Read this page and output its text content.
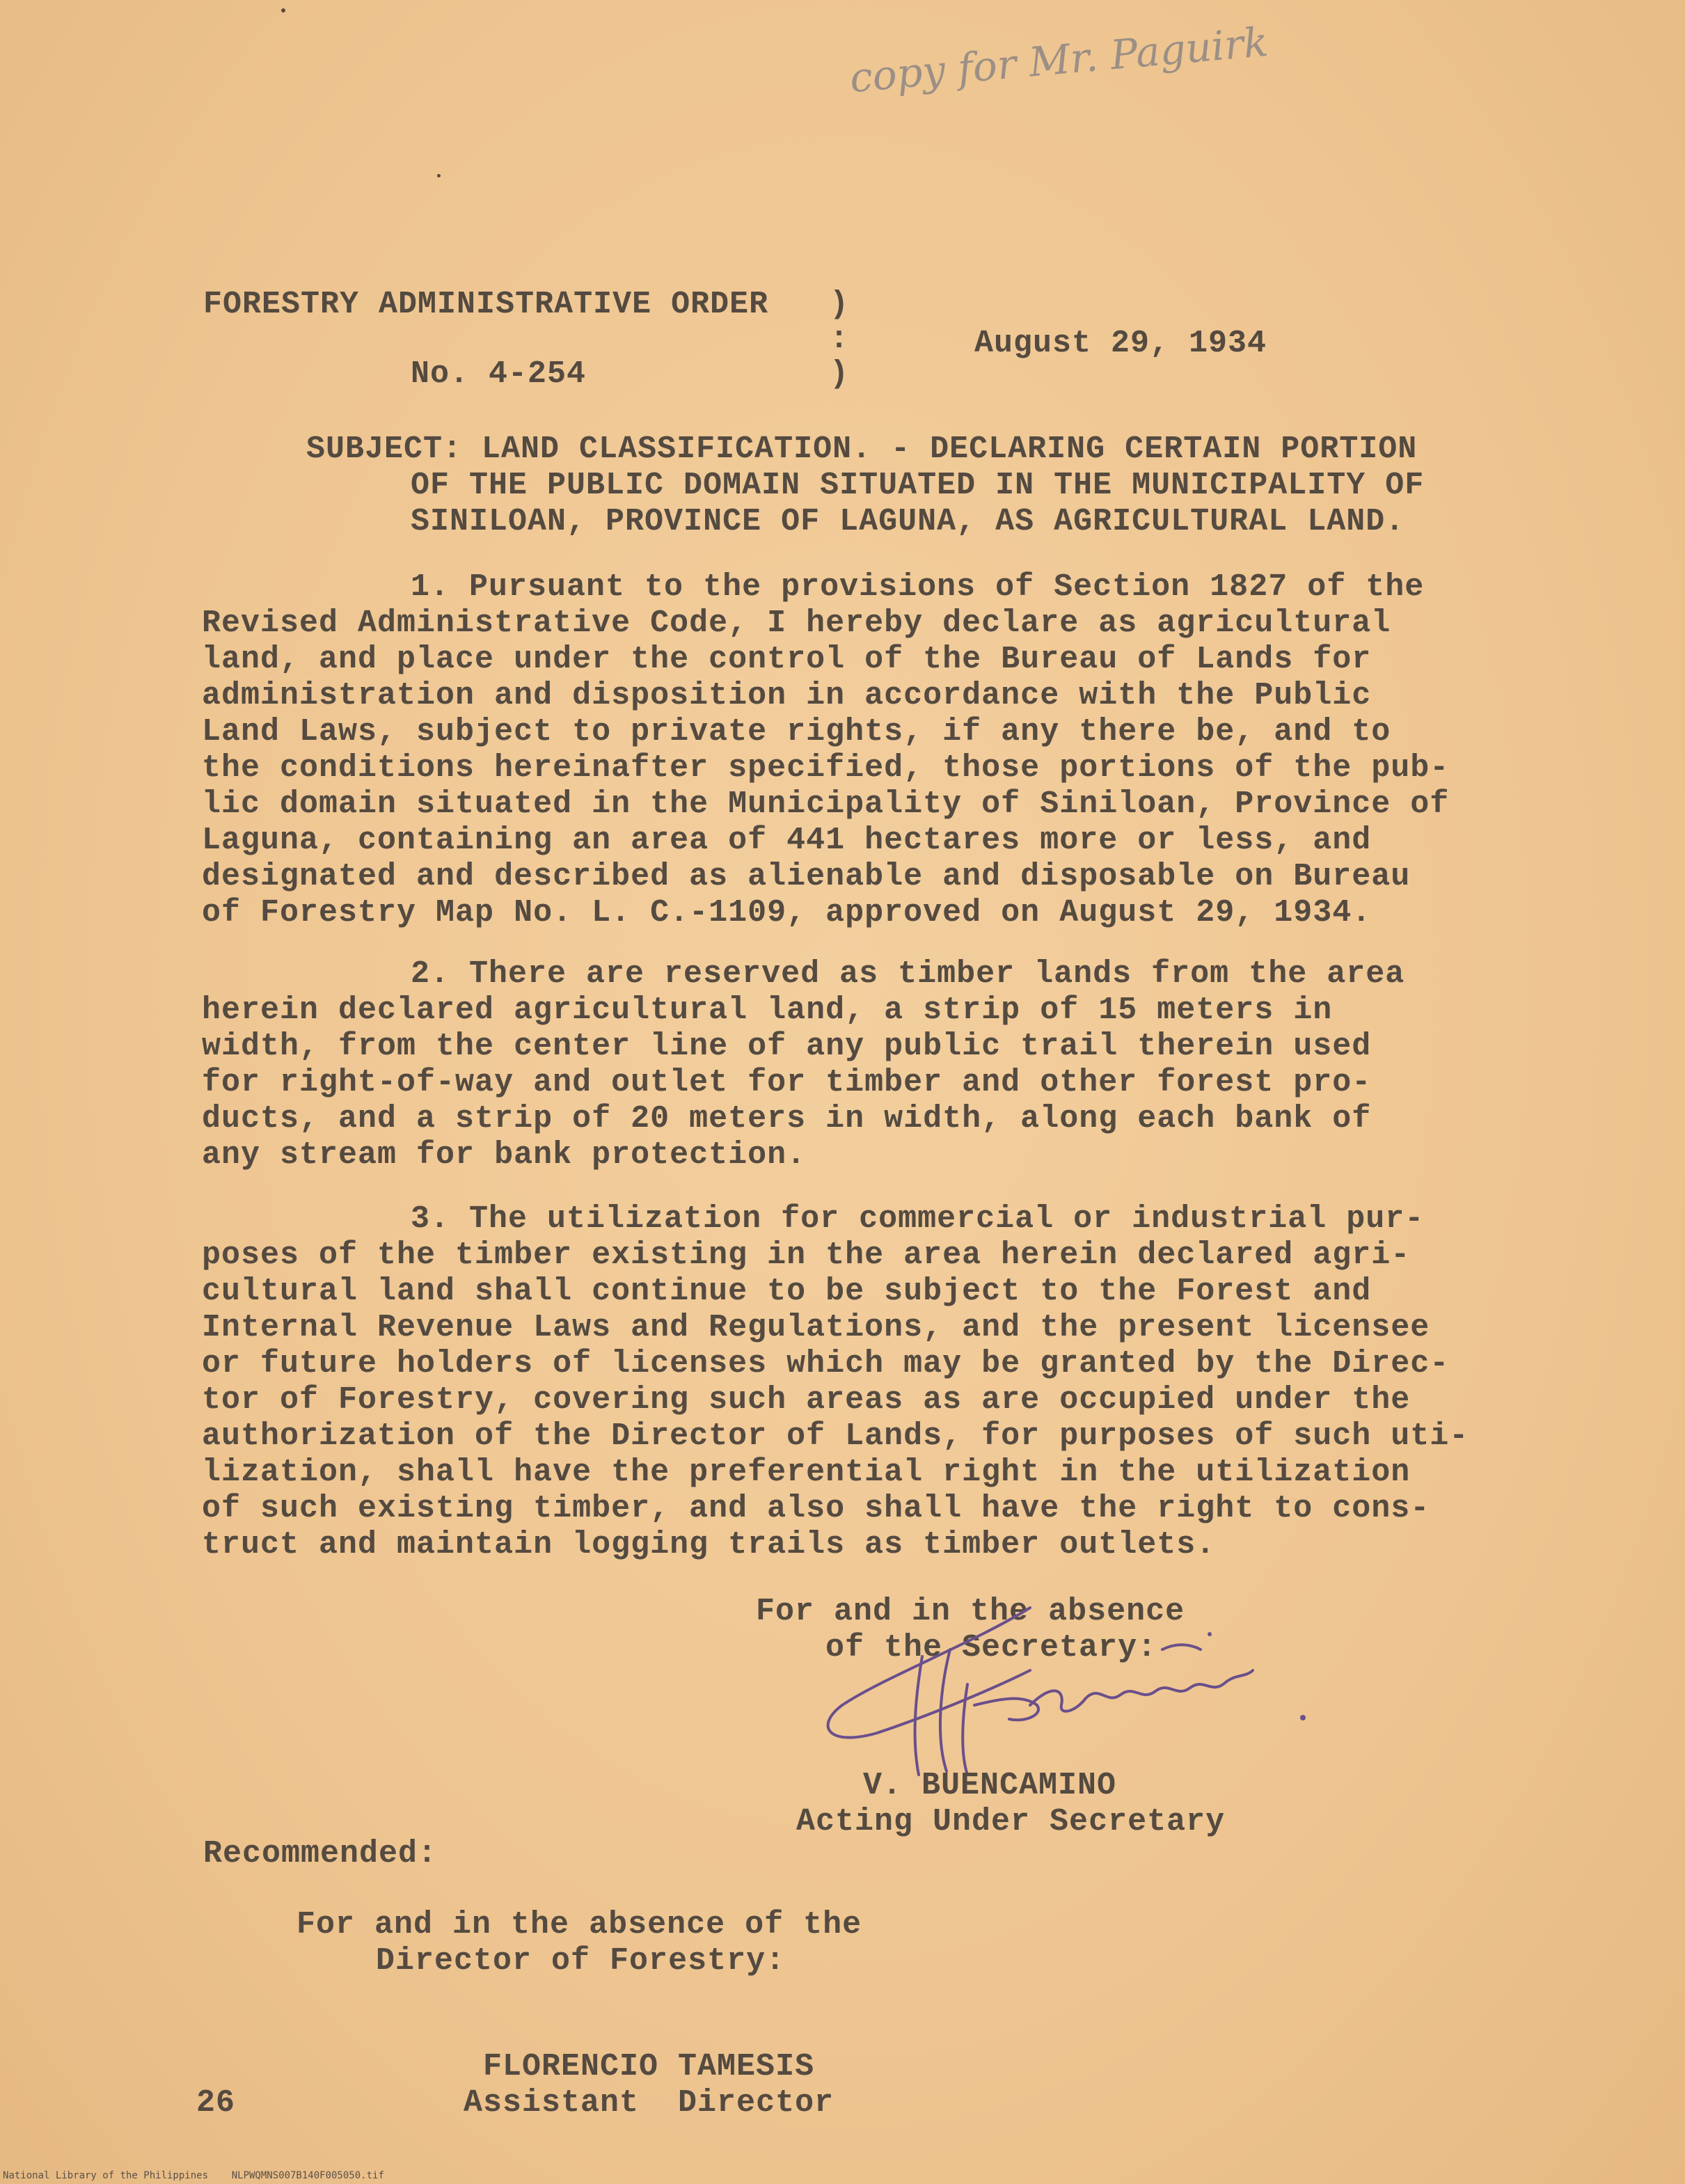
copy for Mr. Paguirk
FORESTRY ADMINISTRATIVE ORDER
No. 4-254
)
:
)
August 29, 1934
SUBJECT: LAND CLASSIFICATION. - DECLARING CERTAIN PORTION
OF THE PUBLIC DOMAIN SITUATED IN THE MUNICIPALITY OF
SINILOAN, PROVINCE OF LAGUNA, AS AGRICULTURAL LAND.
1. Pursuant to the provisions of Section 1827 of the
Revised Administrative Code, I hereby declare as agricultural
land, and place under the control of the Bureau of Lands for
administration and disposition in accordance with the Public
Land Laws, subject to private rights, if any there be, and to
the conditions hereinafter specified, those portions of the pub-
lic domain situated in the Municipality of Siniloan, Province of
Laguna, containing an area of 441 hectares more or less, and
designated and described as alienable and disposable on Bureau
of Forestry Map No. L. C.-1109, approved on August 29, 1934.
2. There are reserved as timber lands from the area
herein declared agricultural land, a strip of 15 meters in
width, from the center line of any public trail therein used
for right-of-way and outlet for timber and other forest pro-
ducts, and a strip of 20 meters in width, along each bank of
any stream for bank protection.
3. The utilization for commercial or industrial pur-
poses of the timber existing in the area herein declared agri-
cultural land shall continue to be subject to the Forest and
Internal Revenue Laws and Regulations, and the present licensee
or future holders of licenses which may be granted by the Direc-
tor of Forestry, covering such areas as are occupied under the
authorization of the Director of Lands, for purposes of such uti-
lization, shall have the preferential right in the utilization
of such existing timber, and also shall have the right to cons-
truct and maintain logging trails as timber outlets.
For and in the absence
of the Secretary:
V. BUENCAMINO
Acting Under Secretary
Recommended:
For and in the absence of the
Director of Forestry:
FLORENCIO TAMESIS
Assistant  Director
26
National Library of the Philippines    NLPWQMNS007B140F005050.tif
